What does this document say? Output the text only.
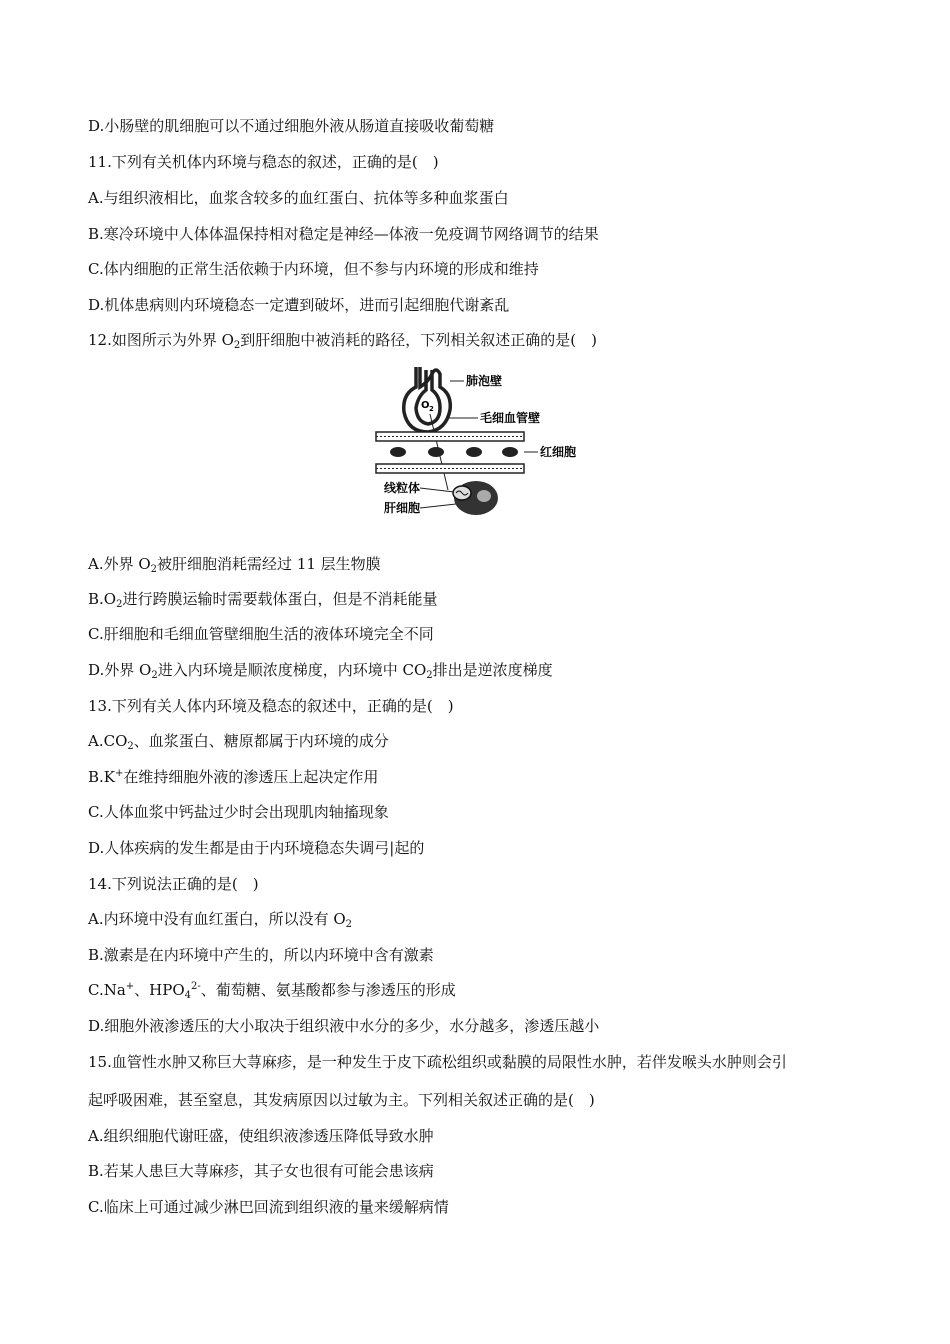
D.小肠壁的肌细胞可以不通过细胞外液从肠道直接吸收葡萄糖
11.下列有关机体内环境与稳态的叙述，正确的是(　)
A.与组织液相比，血浆含较多的血红蛋白、抗体等多种血浆蛋白
B.寒冷环境中人体体温保持相对稳定是神经—体液一免疫调节网络调节的结果
C.体内细胞的正常生活依赖于内环境，但不参与内环境的形成和维持
D.机体患病则内环境稳态一定遭到破坏，进而引起细胞代谢紊乱
12.如图所示为外界 $O_2$到肝细胞中被消耗的路径，下列相关叙述正确的是(　)
O 2
肺泡壁
毛细血管壁
红细胞
线粒体
肝细胞
A.外界 $O_2$被肝细胞消耗需经过 11 层生物膜
$B.O_2$进行跨膜运输时需要载体蛋白，但是不消耗能量
C.肝细胞和毛细血管壁细胞生活的液体环境完全不同
D.外界 $O_2$进入内环境是顺浓度梯度，内环境中 $CO_2$排出是逆浓度梯度
13.下列有关人体内环境及稳态的叙述中，正确的是(　)
$A.CO_2$、血浆蛋白、糖原都属于内环境的成分
B.K+在维持细胞外液的渗透压上起决定作用
C.人体血浆中钙盐过少时会出现肌肉轴搐现象
D.人体疾病的发生都是由于内环境稳态失调弓|起的
14.下列说法正确的是(　)
A.内环境中没有血红蛋白，所以没有 $O_2$
B.激素是在内环境中产生的，所以内环境中含有激素
C.Na+、$HPO_4^{2-}$、葡萄糖、氨基酸都参与渗透压的形成
D.细胞外液渗透压的大小取决于组织液中水分的多少，水分越多，渗透压越小
15.血管性水肿又称巨大荨麻疹，是一种发生于皮下疏松组织或黏膜的局限性水肿，若伴发喉头水肿则会引
起呼吸困难，甚至窒息，其发病原因以过敏为主。下列相关叙述正确的是(　)
A.组织细胞代谢旺盛，使组织液渗透压降低导致水肿
B.若某人患巨大荨麻疹，其子女也很有可能会患该病
C.临床上可通过减少淋巴回流到组织液的量来缓解病情
